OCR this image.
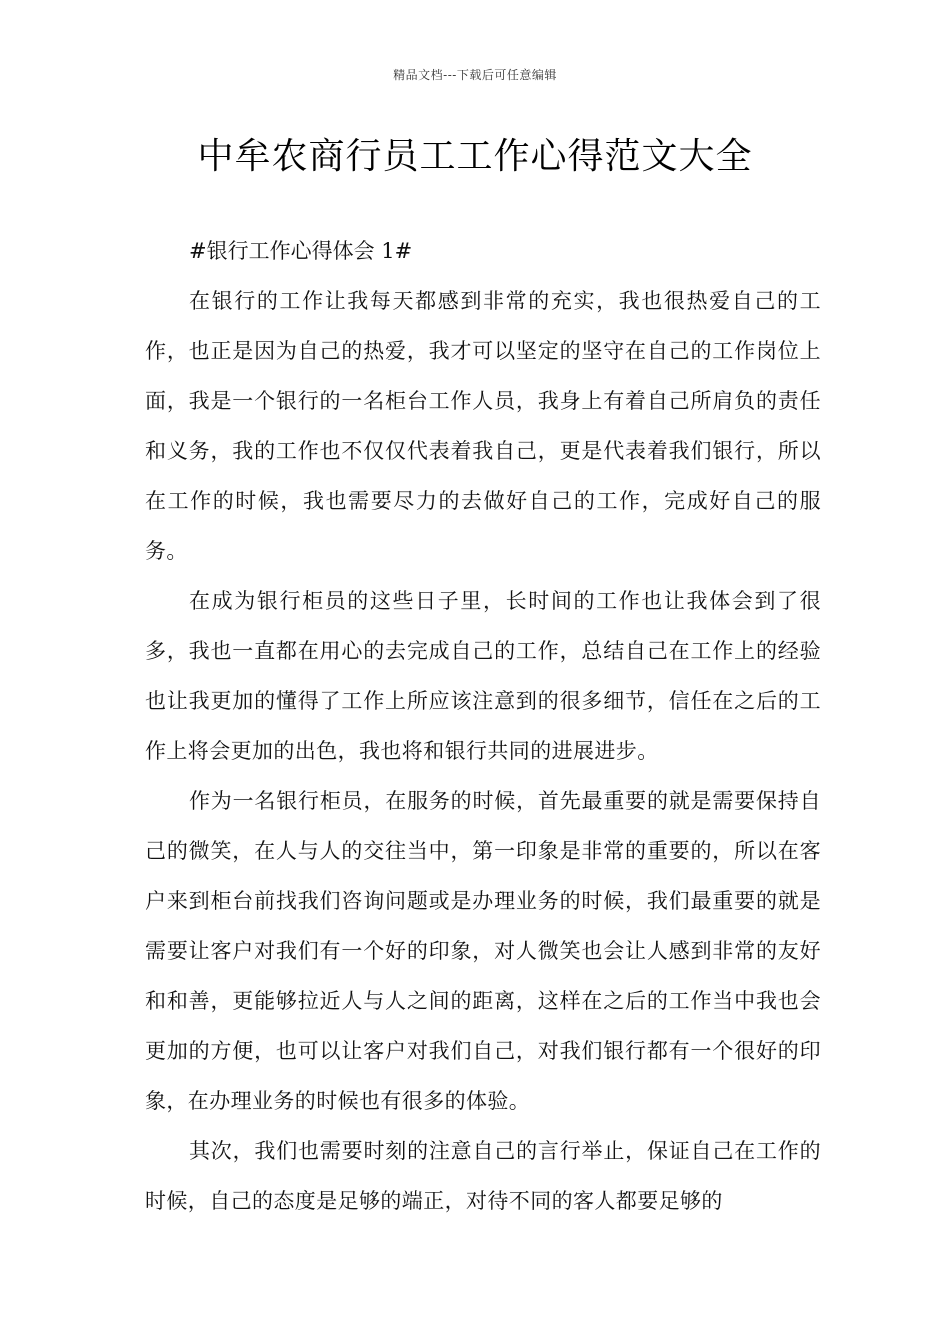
精品文档---下载后可任意编辑
中牟农商行员工工作心得范文大全

#银行工作心得体会 1#

在银行的工作让我每天都感到非常的充实，我也很热爱自己的工作，也正是因为自己的热爱，我才可以坚定的坚守在自己的工作岗位上面，我是一个银行的一名柜台工作人员，我身上有着自己所肩负的责任和义务，我的工作也不仅仅代表着我自己，更是代表着我们银行，所以在工作的时候，我也需要尽力的去做好自己的工作，完成好自己的服务。

在成为银行柜员的这些日子里，长时间的工作也让我体会到了很多，我也一直都在用心的去完成自己的工作，总结自己在工作上的经验也让我更加的懂得了工作上所应该注意到的很多细节，信任在之后的工作上将会更加的出色，我也将和银行共同的进展进步。

作为一名银行柜员，在服务的时候，首先最重要的就是需要保持自己的微笑，在人与人的交往当中，第一印象是非常的重要的，所以在客户来到柜台前找我们咨询问题或是办理业务的时候，我们最重要的就是需要让客户对我们有一个好的印象，对人微笑也会让人感到非常的友好和和善，更能够拉近人与人之间的距离，这样在之后的工作当中我也会更加的方便，也可以让客户对我们自己，对我们银行都有一个很好的印象，在办理业务的时候也有很多的体验。

其次，我们也需要时刻的注意自己的言行举止，保证自己在工作的时候，自己的态度是足够的端正，对待不同的客人都要足够的
